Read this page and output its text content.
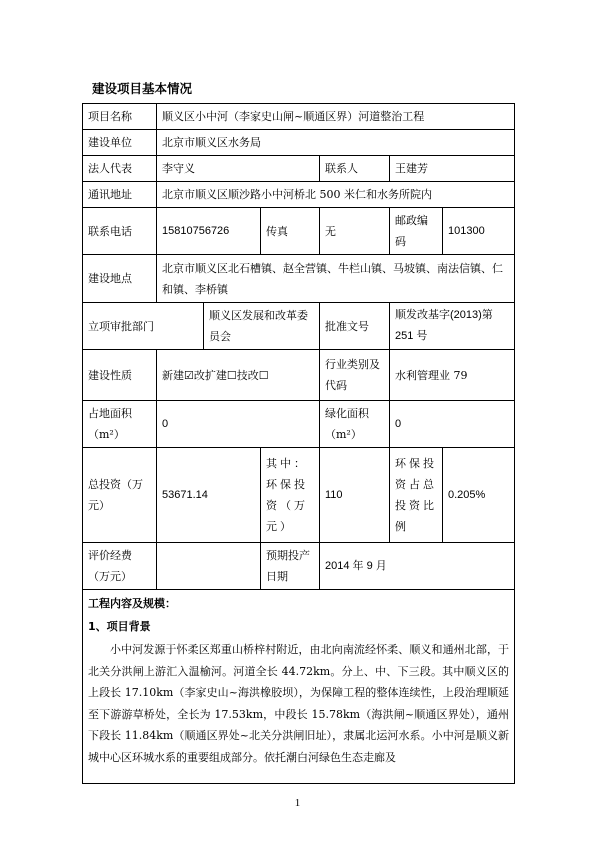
建设项目基本情况
项目名称	顺义区小中河（李家史山闸~顺通区界）河道整治工程					
建设单位	北京市顺义区水务局					
法人代表	李守义			联系人	王建芳	
通讯地址	北京市顺义区顺沙路小中河桥北 500 米仁和水务所院内					
联系电话	15810756726		传真	无	邮政编码	101300
建设地点	北京市顺义区北石槽镇、赵全营镇、牛栏山镇、马坡镇、南法信镇、仁和镇、李桥镇					
立项审批部门		顺义区发展和改革委员会		批准文号	顺发改基字(2013)第 251 号	
建设性质	新建☑改扩建☐技改☐			行业类别及代码	水利管理业 79	
占地面积（m²）	0			绿化面积（m²）	0	
总投资（万元）	53671.14		其中：环保投资（万元）	110	环保投资占总投资比例	0.205%
评价经费（万元）			预期投产日期	2014 年 9 月		

工程内容及规模：
1、项目背景

小中河发源于怀柔区郑重山桥梓村附近，由北向南流经怀柔、顺义和通州北部，于北关分洪闸上游汇入温榆河。河道全长 44.72km。分上、中、下三段。其中顺义区的上段长 17.10km（李家史山~海洪橡胶坝），为保障工程的整体连续性，上段治理顺延至下游游草桥处，全长为 17.53km，中段长 15.78km（海洪闸~顺通区界处），通州下段长 11.84km（顺通区界处~北关分洪闸旧址），隶属北运河水系。小中河是顺义新城中心区环城水系的重要组成部分。依托潮白河绿色生态走廊及						

1
